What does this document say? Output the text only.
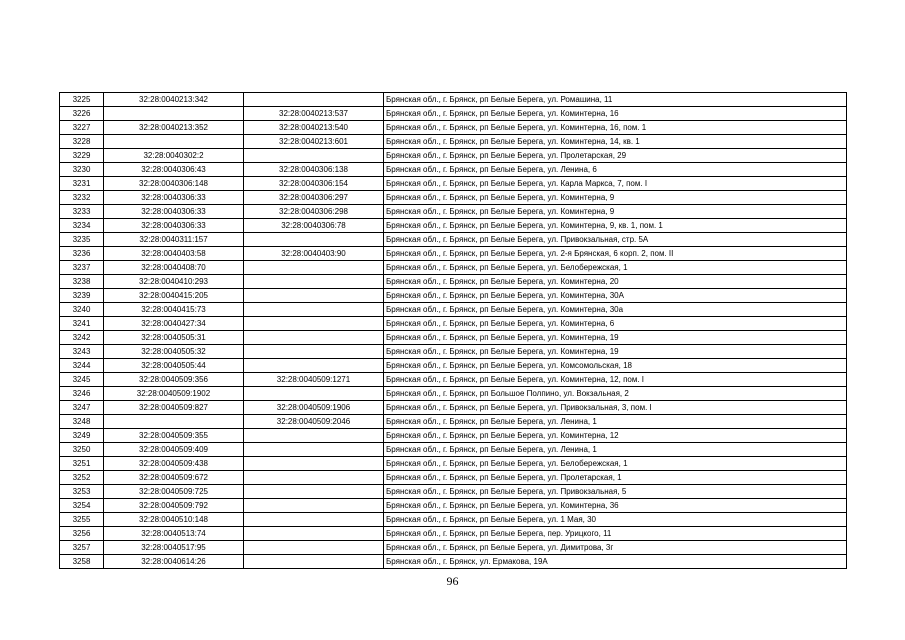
3225	32:28:0040213:342		Брянская обл., г. Брянск, рп Белые Берега, ул. Ромашина, 11
3226		32:28:0040213:537	Брянская обл., г. Брянск, рп Белые Берега, ул. Коминтерна, 16
3227	32:28:0040213:352	32:28:0040213:540	Брянская обл., г. Брянск, рп Белые Берега, ул. Коминтерна, 16, пом. 1
3228		32:28:0040213:601	Брянская обл., г. Брянск, рп Белые Берега, ул. Коминтерна, 14, кв. 1
3229	32:28:0040302:2		Брянская обл., г. Брянск, рп Белые Берега, ул. Пролетарская, 29
3230	32:28:0040306:43	32:28:0040306:138	Брянская обл., г. Брянск, рп Белые Берега, ул. Ленина, 6
3231	32:28:0040306:148	32:28:0040306:154	Брянская обл., г. Брянск, рп Белые Берега, ул. Карла Маркса, 7, пом. I
3232	32:28:0040306:33	32:28:0040306:297	Брянская обл., г. Брянск, рп Белые Берега, ул. Коминтерна, 9
3233	32:28:0040306:33	32:28:0040306:298	Брянская обл., г. Брянск, рп Белые Берега, ул. Коминтерна, 9
3234	32:28:0040306:33	32:28:0040306:78	Брянская обл., г. Брянск, рп Белые Берега, ул. Коминтерна, 9, кв. 1, пом. 1
3235	32:28:0040311:157		Брянская обл., г. Брянск, рп Белые Берега, ул. Привокзальная, стр. 5А
3236	32:28:0040403:58	32:28:0040403:90	Брянская обл., г. Брянск, рп Белые Берега, ул. 2-я Брянская, 6 корп. 2, пом. II
3237	32:28:0040408:70		Брянская обл., г. Брянск, рп Белые Берега, ул. Белобережская, 1
3238	32:28:0040410:293		Брянская обл., г. Брянск, рп Белые Берега, ул. Коминтерна, 20
3239	32:28:0040415:205		Брянская обл., г. Брянск, рп Белые Берега, ул. Коминтерна, 30А
3240	32:28:0040415:73		Брянская обл., г. Брянск, рп Белые Берега, ул. Коминтерна, 30а
3241	32:28:0040427:34		Брянская обл., г. Брянск, рп Белые Берега, ул. Коминтерна, 6
3242	32:28:0040505:31		Брянская обл., г. Брянск, рп Белые Берега, ул. Коминтерна, 19
3243	32:28:0040505:32		Брянская обл., г. Брянск, рп Белые Берега, ул. Коминтерна, 19
3244	32:28:0040505:44		Брянская обл., г. Брянск, рп Белые Берега, ул. Комсомольская, 18
3245	32:28:0040509:356	32:28:0040509:1271	Брянская обл., г. Брянск, рп Белые Берега, ул. Коминтерна, 12, пом. I
3246	32:28:0040509:1902		Брянская обл., г. Брянск, рп Большое Полпино, ул. Вокзальная, 2
3247	32:28:0040509:827	32:28:0040509:1906	Брянская обл., г. Брянск, рп Белые Берега, ул. Привокзальная, 3, пом. I
3248		32:28:0040509:2046	Брянская обл., г. Брянск, рп Белые Берега, ул. Ленина, 1
3249	32:28:0040509:355		Брянская обл., г. Брянск, рп Белые Берега, ул. Коминтерна, 12
3250	32:28:0040509:409		Брянская обл., г. Брянск, рп Белые Берега, ул. Ленина, 1
3251	32:28:0040509:438		Брянская обл., г. Брянск, рп Белые Берега, ул. Белобережская, 1
3252	32:28:0040509:672		Брянская обл., г. Брянск, рп Белые Берега, ул. Пролетарская, 1
3253	32:28:0040509:725		Брянская обл., г. Брянск, рп Белые Берега, ул. Привокзальная, 5
3254	32:28:0040509:792		Брянская обл., г. Брянск, рп Белые Берега, ул. Коминтерна, 36
3255	32:28:0040510:148		Брянская обл., г. Брянск, рп Белые Берега, ул. 1 Мая, 30
3256	32:28:0040513:74		Брянская обл., г. Брянск, рп Белые Берега, пер. Урицкого, 11
3257	32:28:0040517:95		Брянская обл., г. Брянск, рп Белые Берега, ул. Димитрова, 3г
3258	32:28:0040614:26		Брянская обл., г. Брянск, ул. Ермакова, 19А
96
